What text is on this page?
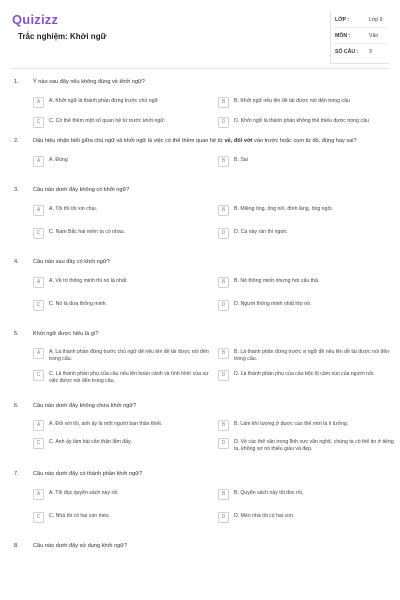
Quizizz
Trắc nghiệm: Khởi ngữ
LỚP :	Lớp 9
MÔN :	Văn
SỐ CÂU : 9
1.	Ý nào sau đây nêu không đúng về khởi ngữ?
A	A. Khởi ngữ là thành phần đứng trước chủ ngữ	B	B. Khởi ngữ nêu lên đề tài được nói đến trong câu
C	C. Có thể thêm một số quan hệ từ trước khởi ngữ.	D	D. Khởi ngữ là thành phần không thể thiếu được trong câu
2.	Dấu hiệu nhận biết giữa chủ ngữ và khởi ngữ là việc có thể thêm quan hệ từ về, đối với vào trước hoặc cụm từ đó, đúng hay sai?
A	A. Đúng	B	B. Sai
3.	Câu nào dưới đây không có khởi ngữ?
A	A. Tôi thì tôi xin chịu.	B	B. Miệng ông, ông nói, đình làng, ông ngồi.
C	C. Nam Bắc hai miền ta có nhau.	D	D. Cá này rán thì ngon.
4.	Câu nào sau đây có khởi ngữ?
A	A. Về trí thông minh thì nó là nhất.	B	B. Nó thông minh nhưng hơi cẩu thả.
C	C. Nó là đứa thông minh.	D	D. Người thông minh nhất lớp nó.
5.	Khởi ngữ được hiểu là gì?
A	A. Là thành phần đứng trước chủ ngữ để nêu lên đề tài được nói đến trong câu.
B	B. Là thành phần đứng trước vị ngữ để nêu lên đề tài được nói đến trong câu.
C	C. Là thành phần phụ của câu nêu lên hoàn cảnh và tình hình của sự việc được nói đến trong câu.
D	D. Là thành phần phụ của câu bộc lộ cảm xúc của người nói.
6.	Câu nào dưới đây không chứa khởi ngữ?
A	A. Đối với tôi, anh ấy là một người bạn thân thiết.	B	B. Làm khí tượng,ở được cao thế mới là lí tưởng.
C	C. Anh ấy làm bài cẩn thận lắm đấy.	D	D. Về các thể văn trong lĩnh vực văn nghệ, chúng ta có thể tin ở tiếng ta, không sợ nó thiếu giàu và đẹp.
7.	Câu nào dưới đây có thành phần khởi ngữ?
A	A. Tôi đọc quyển sách này rồi.	B	B. Quyển sách này tôi đọc rồi.
C	C. Nhà tôi có hai con mèo.	D	D. Mèo nhà tôi có hai con.
8.	Câu nào dưới đây sử dụng khởi ngữ?
